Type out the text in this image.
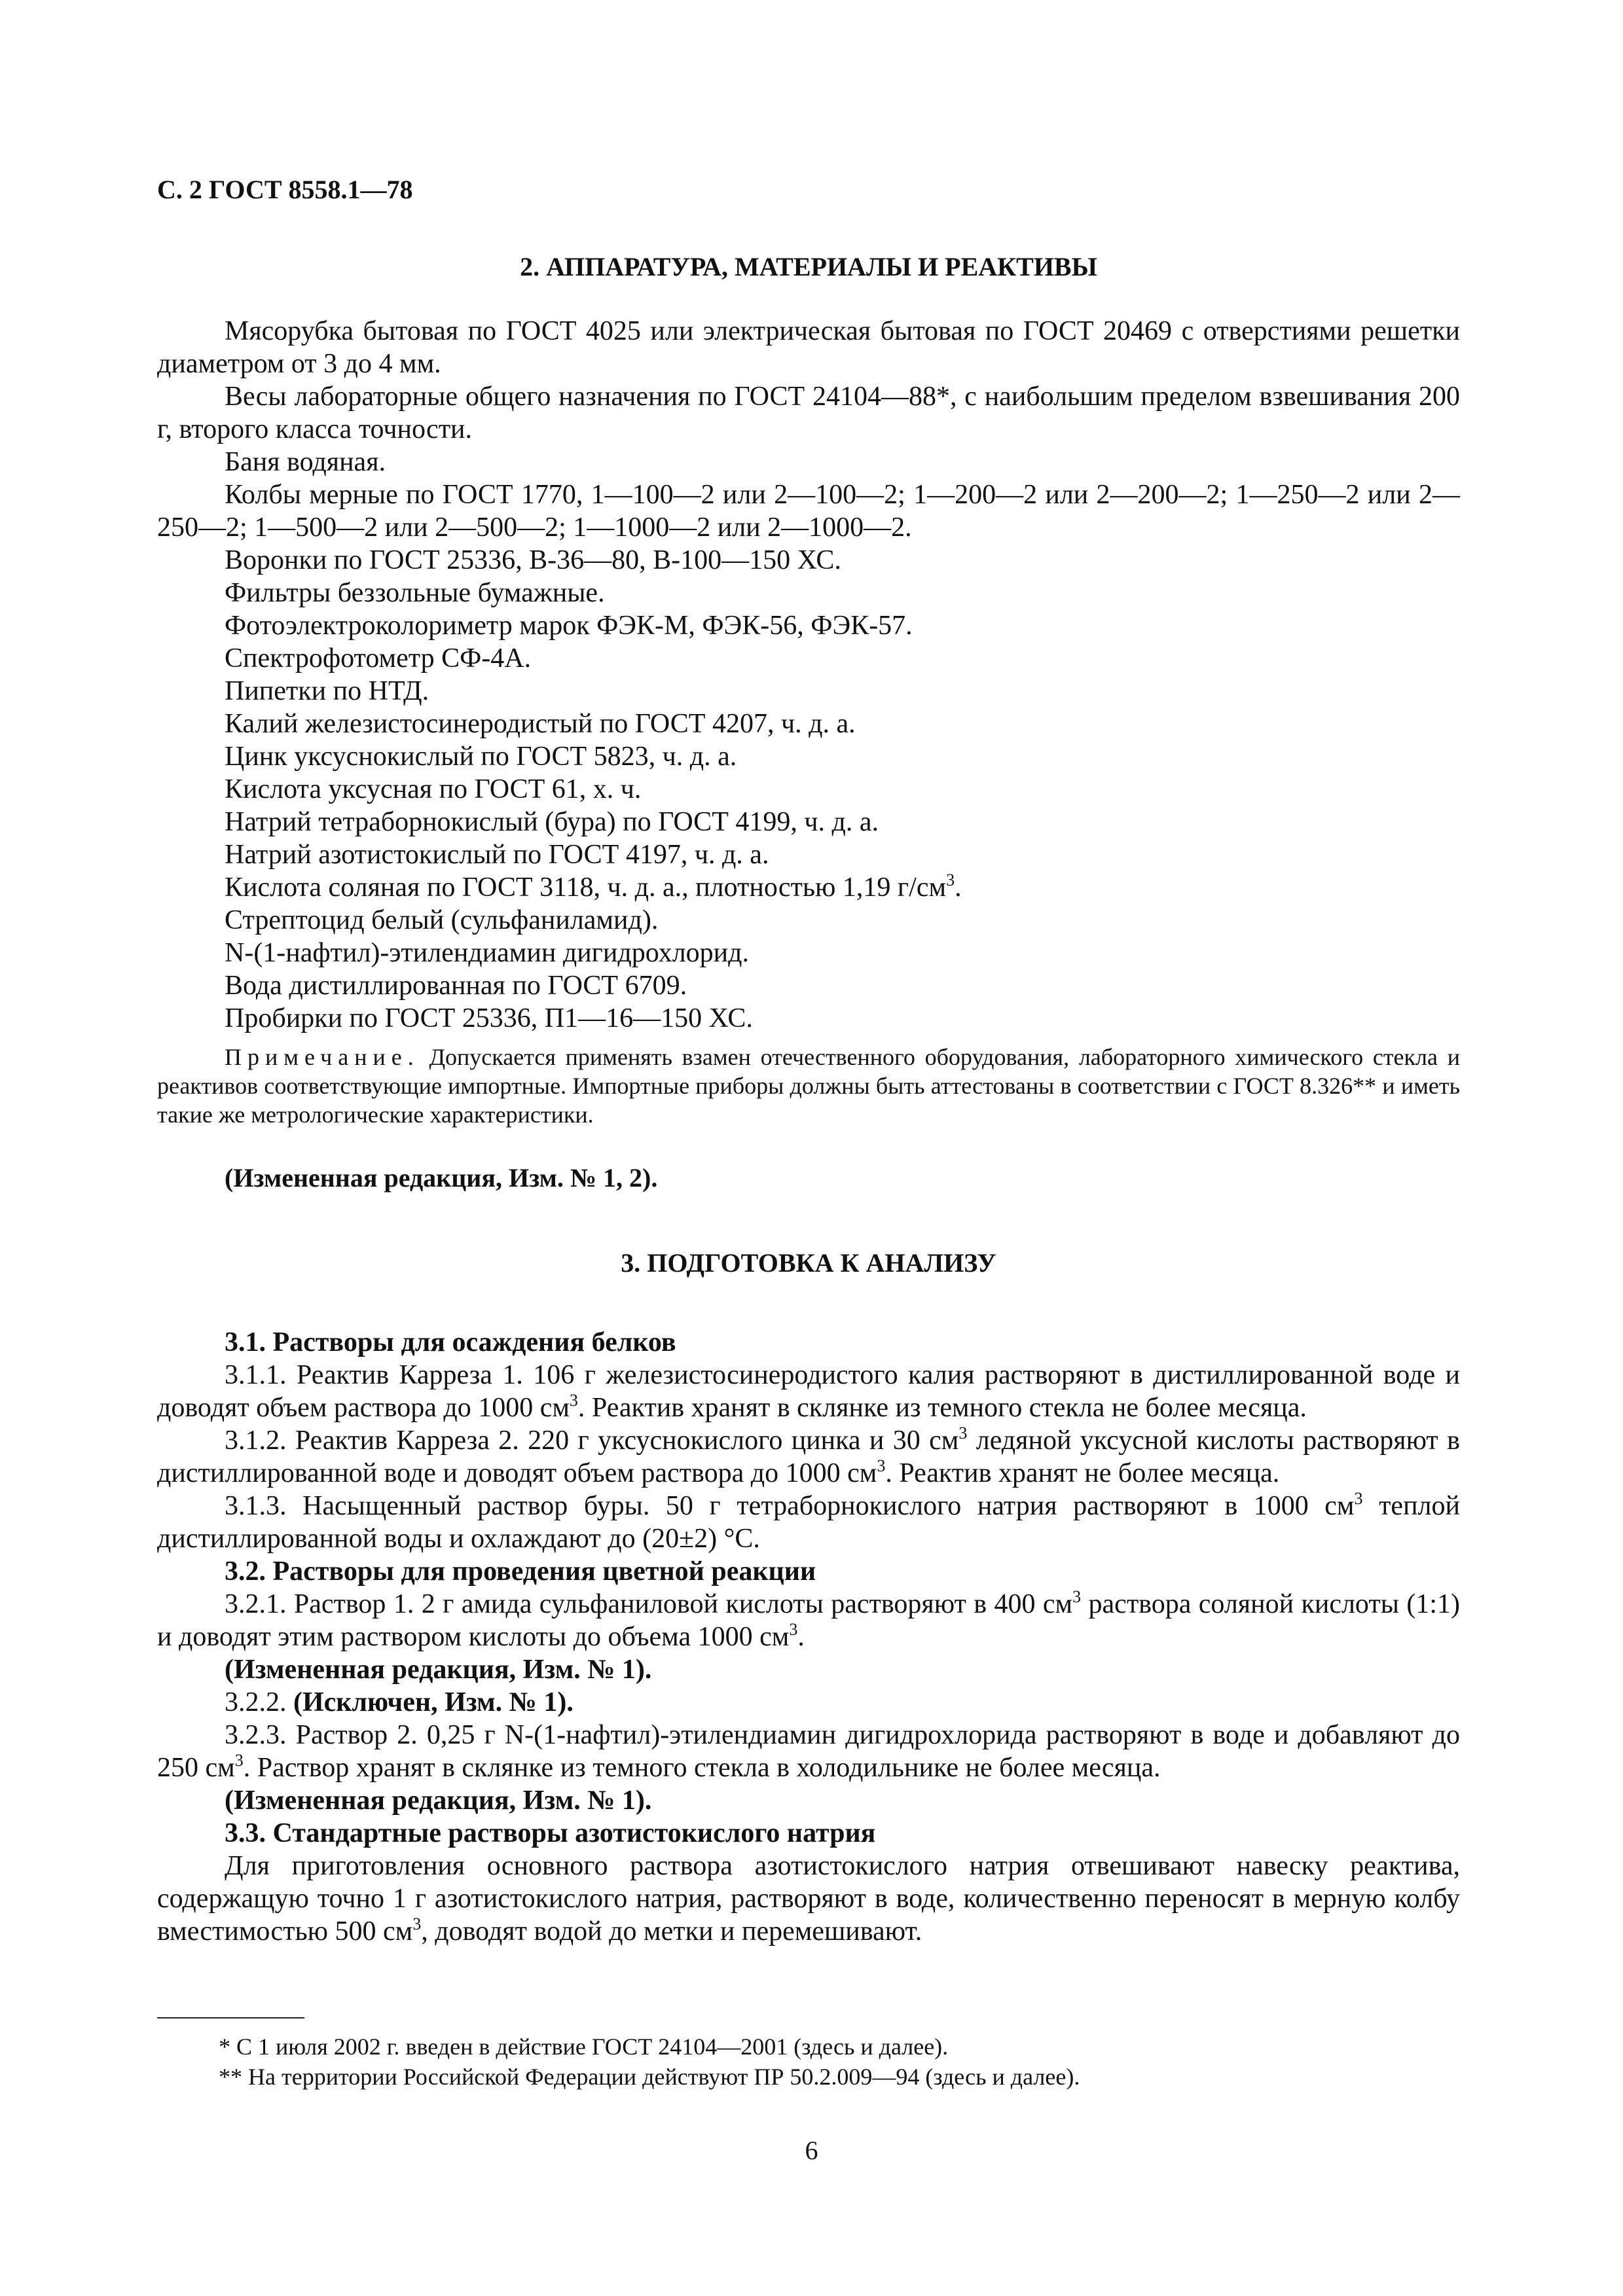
С. 2 ГОСТ 8558.1—78
2. АППАРАТУРА, МАТЕРИАЛЫ И РЕАКТИВЫ

Мясорубка бытовая по ГОСТ 4025 или электрическая бытовая по ГОСТ 20469 с отверстиями решетки диаметром от 3 до 4 мм.

Весы лабораторные общего назначения по ГОСТ 24104—88*, с наибольшим пределом взвешивания 200 г, второго класса точности.

Баня водяная.

Колбы мерные по ГОСТ 1770, 1—100—2 или 2—100—2; 1—200—2 или 2—200—2; 1—250—2 или 2—250—2; 1—500—2 или 2—500—2; 1—1000—2 или 2—1000—2.

Воронки по ГОСТ 25336, В-36—80, В-100—150 ХС.

Фильтры беззольные бумажные.

Фотоэлектроколориметр марок ФЭК-М, ФЭК-56, ФЭК-57.

Спектрофотометр СФ-4А.

Пипетки по НТД.

Калий железистосинеродистый по ГОСТ 4207, ч. д. а.

Цинк уксуснокислый по ГОСТ 5823, ч. д. а.

Кислота уксусная по ГОСТ 61, х. ч.

Натрий тетраборнокислый (бура) по ГОСТ 4199, ч. д. а.

Натрий азотистокислый по ГОСТ 4197, ч. д. а.

Кислота соляная по ГОСТ 3118, ч. д. а., плотностью 1,19 $г/см^3$.

Стрептоцид белый (сульфаниламид).

N-(1-нафтил)-этилендиамин дигидрохлорид.

Вода дистиллированная по ГОСТ 6709.

Пробирки по ГОСТ 25336, П1—16—150 ХС.

Примечание. Допускается применять взамен отечественного оборудования, лабораторного химического стекла и реактивов соответствующие импортные. Импортные приборы должны быть аттестованы в соответствии с ГОСТ 8.326** и иметь такие же метрологические характеристики.

(Измененная редакция, Изм. № 1, 2).

3. ПОДГОТОВКА К АНАЛИЗУ

3.1. Растворы для осаждения белков

3.1.1. Реактив Карреза 1. 106 г железистосинеродистого калия растворяют в дистиллированной воде и доводят объем раствора до 1000 $см^3$. Реактив хранят в склянке из темного стекла не более месяца.

3.1.2. Реактив Карреза 2. 220 г уксуснокислого цинка и 30 $см^3$ ледяной уксусной кислоты растворяют в дистиллированной воде и доводят объем раствора до 1000 $см^3$. Реактив хранят не более месяца.

3.1.3. Насыщенный раствор буры. 50 г тетраборнокислого натрия растворяют в 1000 $см^3$ теплой дистиллированной воды и охлаждают до (20±2) °С.

3.2. Растворы для проведения цветной реакции

3.2.1. Раствор 1. 2 г амида сульфаниловой кислоты растворяют в 400 $см^3$ раствора соляной кислоты (1:1) и доводят этим раствором кислоты до объема 1000 $см^3$.

(Измененная редакция, Изм. № 1).

3.2.2. (Исключен, Изм. № 1).

3.2.3. Раствор 2. 0,25 г N-(1-нафтил)-этилендиамин дигидрохлорида растворяют в воде и добавляют до 250 $см^3$. Раствор хранят в склянке из темного стекла в холодильнике не более месяца.

(Измененная редакция, Изм. № 1).

3.3. Стандартные растворы азотистокислого натрия

Для приготовления основного раствора азотистокислого натрия отвешивают навеску реактива, содержащую точно 1 г азотистокислого натрия, растворяют в воде, количественно переносят в мерную колбу вместимостью 500 $см^3$, доводят водой до метки и перемешивают.

* С 1 июля 2002 г. введен в действие ГОСТ 24104—2001 (здесь и далее).

** На территории Российской Федерации действуют ПР 50.2.009—94 (здесь и далее).

6
